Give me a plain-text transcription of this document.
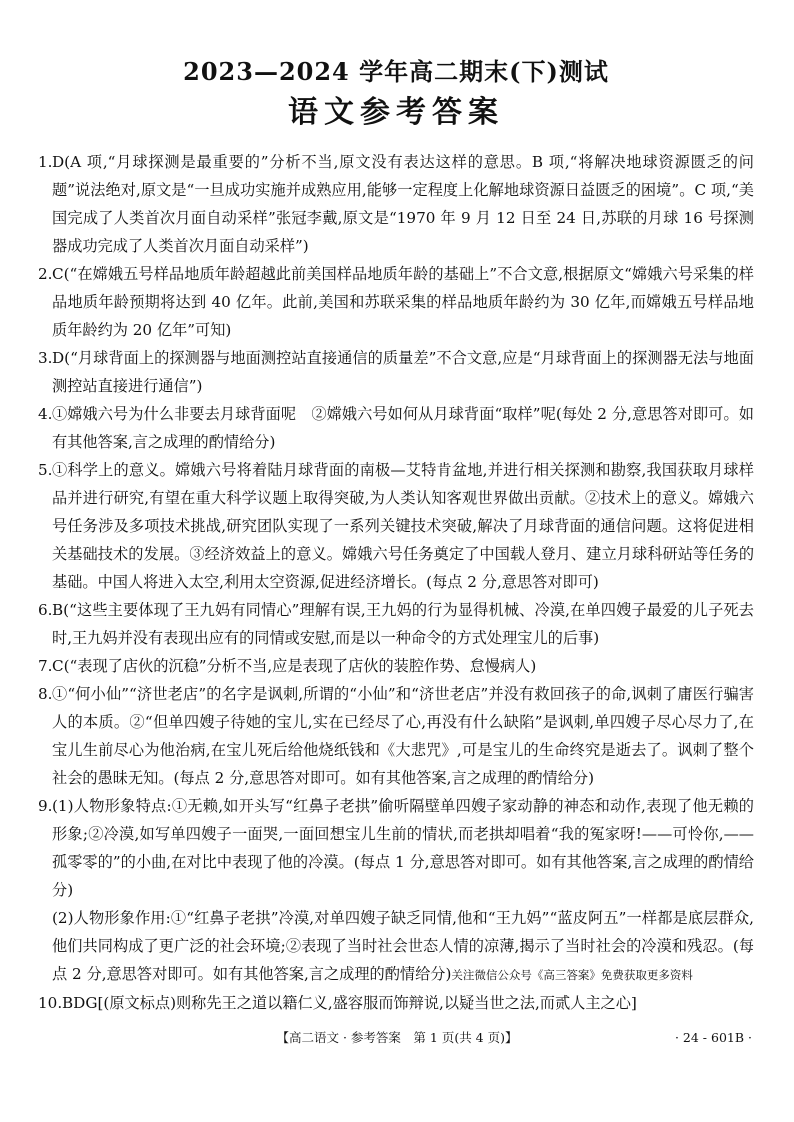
2023—2024 学年高二期末(下)测试
语文参考答案
1. D(A 项,“月球探测是最重要的”分析不当,原文没有表达这样的意思。B 项,“将解决地球资源匮乏的问题”说法绝对,原文是“一旦成功实施并成熟应用,能够一定程度上化解地球资源日益匮乏的困境”。C 项,“美国完成了人类首次月面自动采样”张冠李戴,原文是“1970 年 9 月 12 日至 24 日,苏联的月球 16 号探测器成功完成了人类首次月面自动采样”)
2. C(“在嫦娥五号样品地质年龄超越此前美国样品地质年龄的基础上”不合文意,根据原文“嫦娥六号采集的样品地质年龄预期将达到 40 亿年。此前,美国和苏联采集的样品地质年龄约为 30 亿年,而嫦娥五号样品地质年龄约为 20 亿年”可知)
3. D(“月球背面上的探测器与地面测控站直接通信的质量差”不合文意,应是“月球背面上的探测器无法与地面测控站直接进行通信”)
4. ①嫦娥六号为什么非要去月球背面呢　②嫦娥六号如何从月球背面“取样”呢(每处 2 分,意思答对即可。如有其他答案,言之成理的酌情给分)
5. ①科学上的意义。嫦娥六号将着陆月球背面的南极—艾特肯盆地,并进行相关探测和勘察,我国获取月球样品并进行研究,有望在重大科学议题上取得突破,为人类认知客观世界做出贡献。②技术上的意义。嫦娥六号任务涉及多项技术挑战,研究团队实现了一系列关键技术突破,解决了月球背面的通信问题。这将促进相关基础技术的发展。③经济效益上的意义。嫦娥六号任务奠定了中国载人登月、建立月球科研站等任务的基础。中国人将进入太空,利用太空资源,促进经济增长。(每点 2 分,意思答对即可)
6. B(“这些主要体现了王九妈有同情心”理解有误,王九妈的行为显得机械、冷漠,在单四嫂子最爱的儿子死去时,王九妈并没有表现出应有的同情或安慰,而是以一种命令的方式处理宝儿的后事)
7. C(“表现了店伙的沉稳”分析不当,应是表现了店伙的装腔作势、怠慢病人)
8. ①“何小仙”“济世老店”的名字是讽刺,所谓的“小仙”和“济世老店”并没有救回孩子的命,讽刺了庸医行骗害人的本质。②“但单四嫂子待她的宝儿,实在已经尽了心,再没有什么缺陷”是讽刺,单四嫂子尽心尽力了,在宝儿生前尽心为他治病,在宝儿死后给他烧纸钱和《大悲咒》,可是宝儿的生命终究是逝去了。讽刺了整个社会的愚昧无知。(每点 2 分,意思答对即可。如有其他答案,言之成理的酌情给分)
9. (1)人物形象特点:①无赖,如开头写“红鼻子老拱”偷听隔壁单四嫂子家动静的神态和动作,表现了他无赖的形象;②冷漠,如写单四嫂子一面哭,一面回想宝儿生前的情状,而老拱却唱着“我的冤家呀!——可怜你,——孤零零的”的小曲,在对比中表现了他的冷漠。(每点 1 分,意思答对即可。如有其他答案,言之成理的酌情给分)
(2)人物形象作用:①“红鼻子老拱”冷漠,对单四嫂子缺乏同情,他和“王九妈”“蓝皮阿五”一样都是底层群众,他们共同构成了更广泛的社会环境;②表现了当时社会世态人情的凉薄,揭示了当时社会的冷漠和残忍。(每点 2 分,意思答对即可。如有其他答案,言之成理的酌情给分)关注微信公众号《高三答案》免费获取更多资料
10. BDG[(原文标点)则称先王之道以籍仁义,盛容服而饰辩说,以疑当世之法,而贰人主之心]
【高二语文 · 参考答案　第 1 页(共 4 页)】	· 24 - 601B ·
